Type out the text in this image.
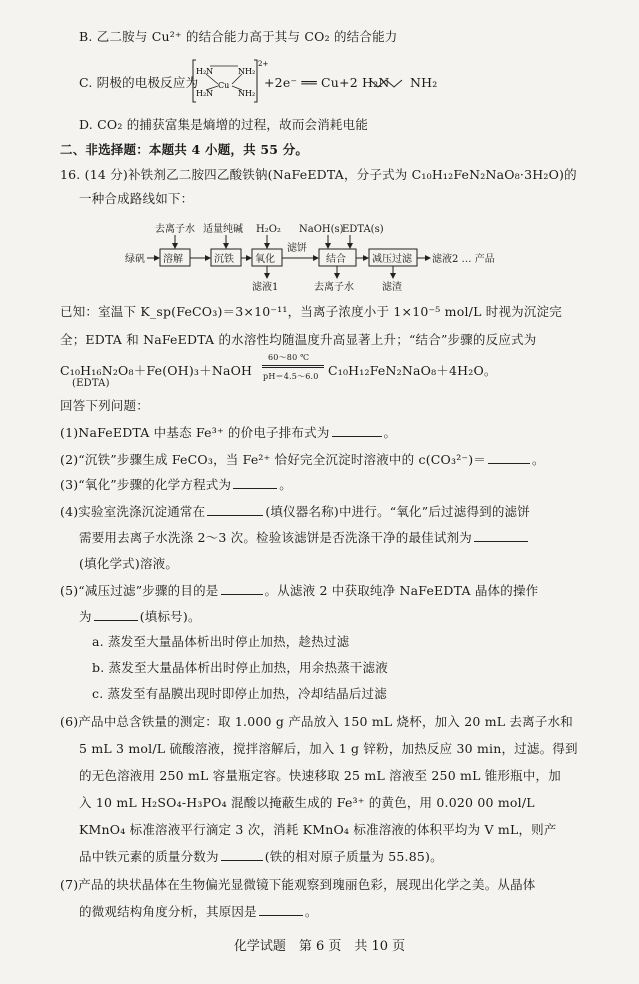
B. 乙二胺与 Cu²⁺ 的结合能力高于其与 CO₂ 的结合能力
C. 阴极的电极反应为
H₂N
Cu
NH₂
H₂N	NH₂
2+
+2e⁻ ══ Cu+2 H₂N NH₂
D. CO₂ 的捕获富集是熵增的过程，故而会消耗电能
二、非选择题：本题共 4 小题，共 55 分。
16. (14 分)补铁剂乙二胺四乙酸铁钠(NaFeEDTA，分子式为 C₁₀H₁₂FeN₂NaO₈·3H₂O)的
一种合成路线如下：
绿矾 溶解	沉铁 氧化
滤饼
结合	减压过滤 滤液2 … 产品
去离子水 适量纯碱 H₂O₂ NaOH(s)
EDTA(s)
滤液1	去离子水	滤渣
已知：室温下 K_sp(FeCO₃)＝3×10⁻¹¹，当离子浓度小于 1×10⁻⁵ mol/L 时视为沉淀完
全；EDTA 和 NaFeEDTA 的水溶性均随温度升高显著上升；“结合”步骤的反应式为
C₁₀H₁₆N₂O₈＋Fe(OH)₃＋NaOH
60～80 ℃
pH＝4.5～6.0 C₁₀H₁₂FeN₂NaO₈＋4H₂O。
(EDTA)
回答下列问题：
(1)NaFeEDTA 中基态 Fe³⁺ 的价电子排布式为	。
(2)“沉铁”步骤生成 FeCO₃，当 Fe²⁺ 恰好完全沉淀时溶液中的 c(CO₃²⁻)＝	。
(3)“氧化”步骤的化学方程式为	。
(4)实验室洗涤沉淀通常在	(填仪器名称)中进行。“氧化”后过滤得到的滤饼
需要用去离子水洗涤 2～3 次。检验该滤饼是否洗涤干净的最佳试剂为
(填化学式)溶液。
(5)“减压过滤”步骤的目的是	。从滤液 2 中获取纯净 NaFeEDTA 晶体的操作
为	(填标号)。
a. 蒸发至大量晶体析出时停止加热，趁热过滤
b. 蒸发至大量晶体析出时停止加热，用余热蒸干滤液
c. 蒸发至有晶膜出现时即停止加热，冷却结晶后过滤
(6)产品中总含铁量的测定：取 1.000 g 产品放入 150 mL 烧杯，加入 20 mL 去离子水和
5 mL 3 mol/L 硫酸溶液，搅拌溶解后，加入 1 g 锌粉，加热反应 30 min，过滤。得到
的无色溶液用 250 mL 容量瓶定容。快速移取 25 mL 溶液至 250 mL 锥形瓶中，加
入 10 mL H₂SO₄-H₃PO₄ 混酸以掩蔽生成的 Fe³⁺ 的黄色，用 0.020 00 mol/L
KMnO₄ 标准溶液平行滴定 3 次，消耗 KMnO₄ 标准溶液的体积平均为 V mL，则产
品中铁元素的质量分数为	(铁的相对原子质量为 55.85)。
(7)产品的块状晶体在生物偏光显微镜下能观察到瑰丽色彩，展现出化学之美。从晶体
的微观结构角度分析，其原因是	。
化学试题　第 6 页　共 10 页
